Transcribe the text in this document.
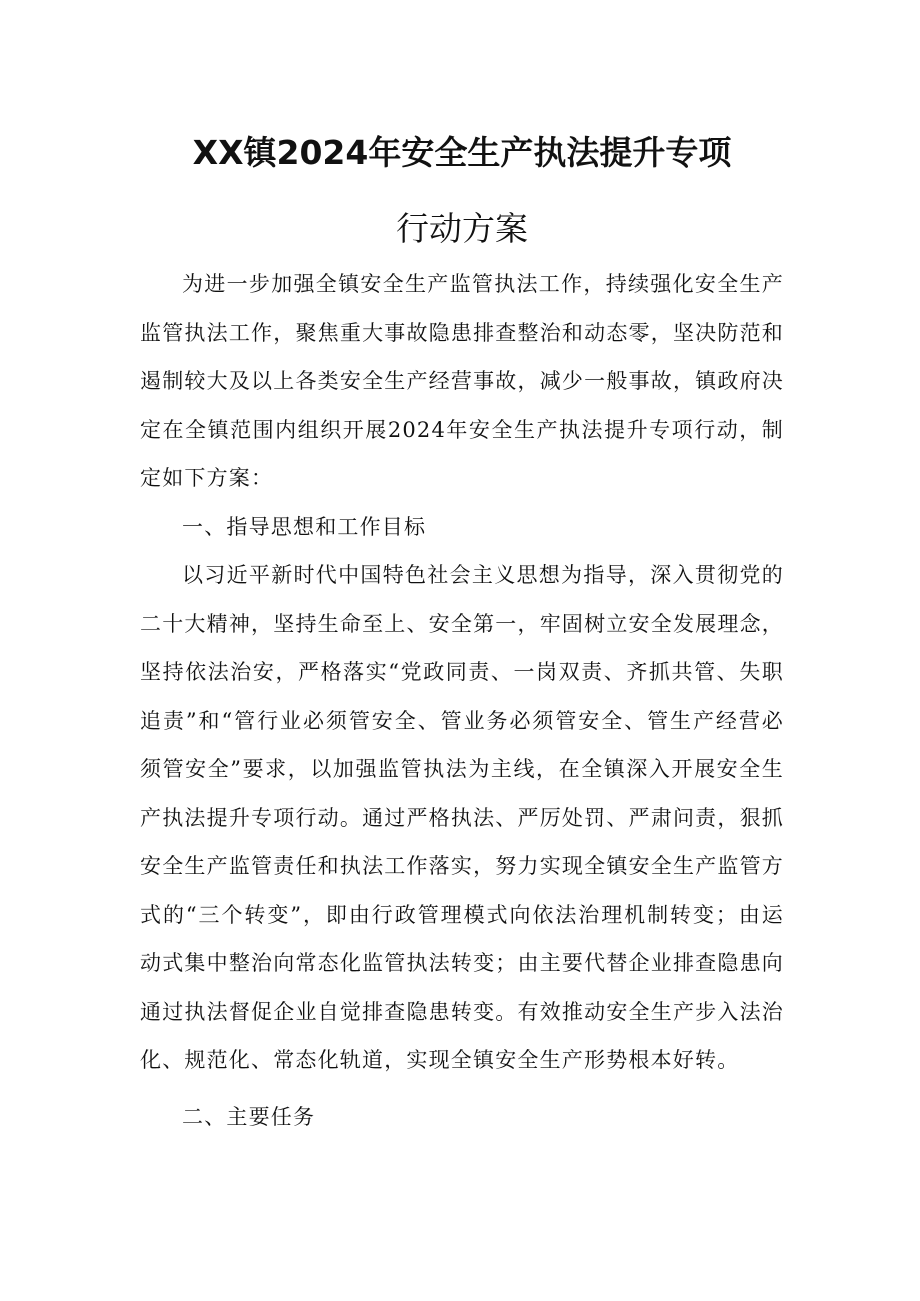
XX镇2024年安全生产执法提升专项
行动方案

为进一步加强全镇安全生产监管执法工作，持续强化安全生产监管执法工作，聚焦重大事故隐患排查整治和动态零，坚决防范和遏制较大及以上各类安全生产经营事故，减少一般事故，镇政府决定在全镇范围内组织开展2024年安全生产执法提升专项行动，制定如下方案：

一、指导思想和工作目标

以习近平新时代中国特色社会主义思想为指导，深入贯彻党的二十大精神，坚持生命至上、安全第一，牢固树立安全发展理念，坚持依法治安，严格落实“党政同责、一岗双责、齐抓共管、失职追责”和“管行业必须管安全、管业务必须管安全、管生产经营必须管安全”要求，以加强监管执法为主线，在全镇深入开展安全生产执法提升专项行动。通过严格执法、严厉处罚、严肃问责，狠抓安全生产监管责任和执法工作落实，努力实现全镇安全生产监管方式的“三个转变”，即由行政管理模式向依法治理机制转变；由运动式集中整治向常态化监管执法转变；由主要代替企业排查隐患向通过执法督促企业自觉排查隐患转变。有效推动安全生产步入法治化、规范化、常态化轨道，实现全镇安全生产形势根本好转。

二、主要任务
